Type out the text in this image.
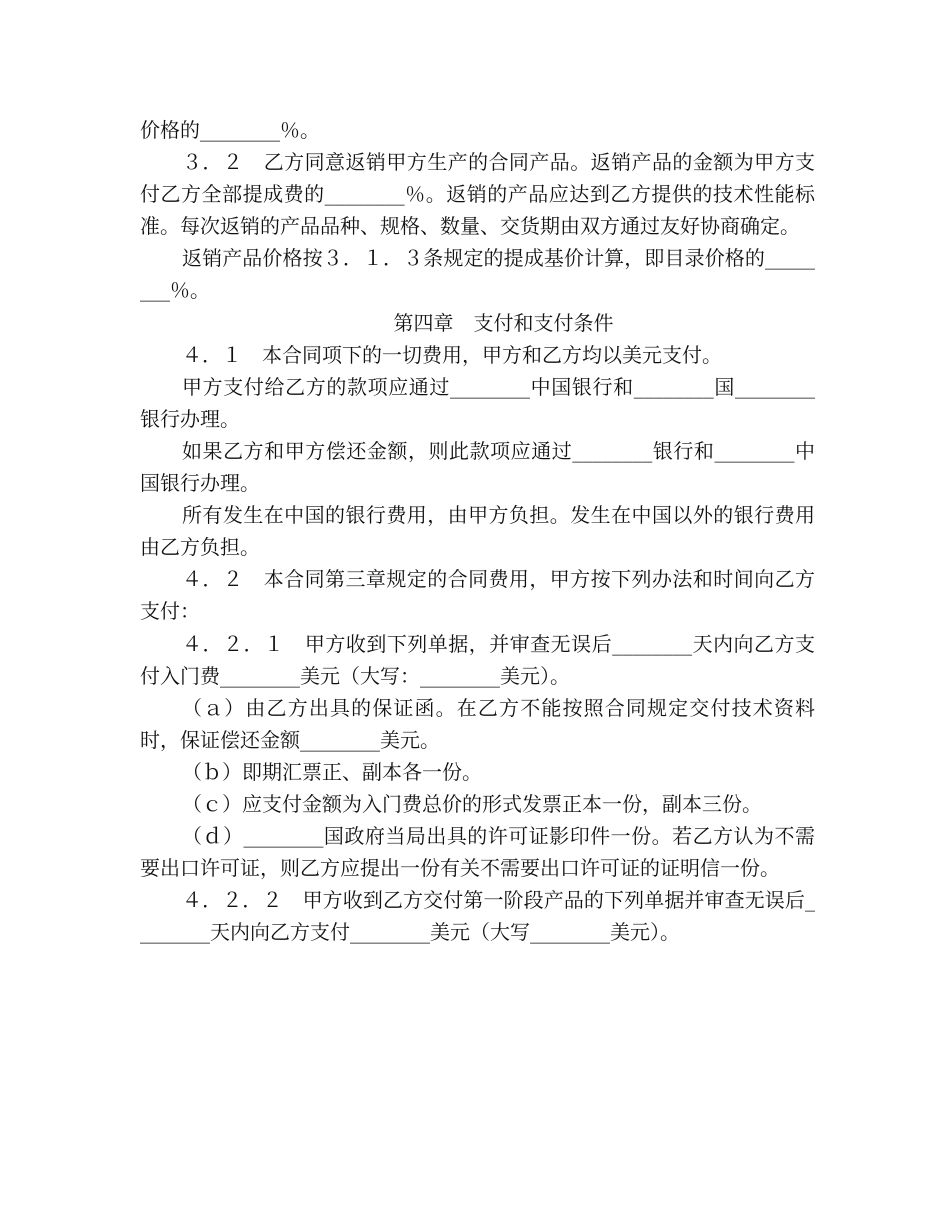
价格的________％。

３．２　乙方同意返销甲方生产的合同产品。返销产品的金额为甲方支付乙方全部提成费的________％。返销的产品应达到乙方提供的技术性能标准。每次返销的产品品种、规格、数量、交货期由双方通过友好协商确定。

返销产品价格按３．１．３条规定的提成基价计算，即目录价格的________％。

第四章　支付和支付条件

４．１　本合同项下的一切费用，甲方和乙方均以美元支付。

甲方支付给乙方的款项应通过________中国银行和________国________银行办理。

如果乙方和甲方偿还金额，则此款项应通过________银行和________中国银行办理。

所有发生在中国的银行费用，由甲方负担。发生在中国以外的银行费用由乙方负担。

４．２　本合同第三章规定的合同费用，甲方按下列办法和时间向乙方支付：

４．２．１　甲方收到下列单据，并审查无误后________天内向乙方支付入门费________美元（大写：________美元）。

（ａ）由乙方出具的保证函。在乙方不能按照合同规定交付技术资料时，保证偿还金额________美元。

（ｂ）即期汇票正、副本各一份。

（ｃ）应支付金额为入门费总价的形式发票正本一份，副本三份。

（ｄ）________国政府当局出具的许可证影印件一份。若乙方认为不需要出口许可证，则乙方应提出一份有关不需要出口许可证的证明信一份。

４．２．２　甲方收到乙方交付第一阶段产品的下列单据并审查无误后________天内向乙方支付________美元（大写________美元）。
